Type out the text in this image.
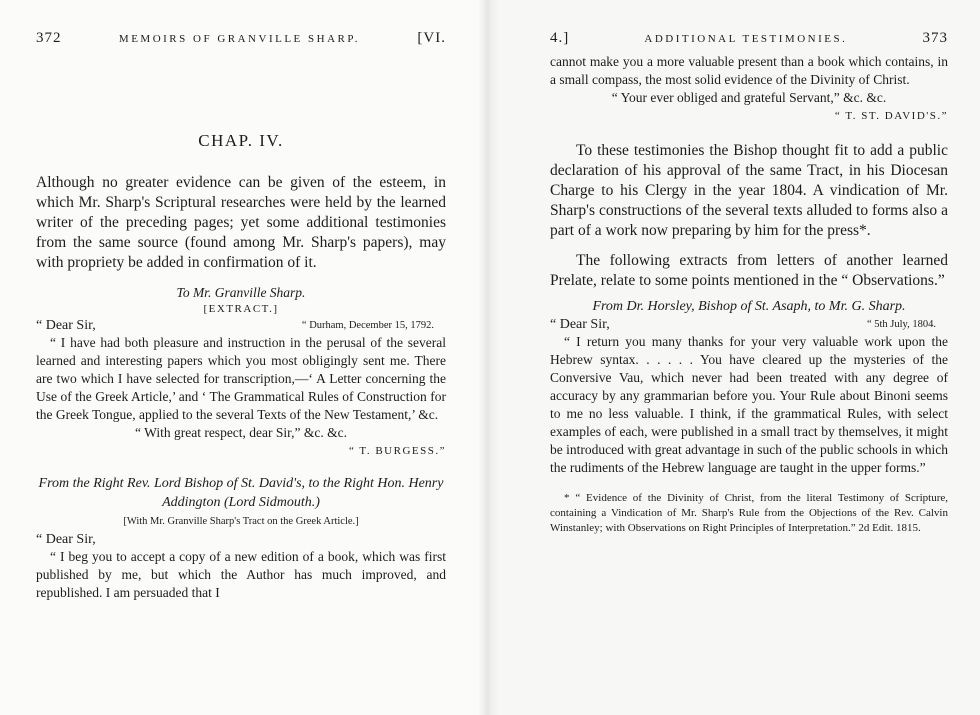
372	MEMOIRS OF GRANVILLE SHARP.	[VI.
CHAP. IV.

Although no greater evidence can be given of the esteem, in which Mr. Sharp's Scriptural researches were held by the learned writer of the preceding pages; yet some additional testimonies from the same source (found among Mr. Sharp's papers), may with propriety be added in confirmation of it.

To Mr. Granville Sharp.
[EXTRACT.]
“ Dear Sir,	“ Durham, December 15, 1792.

“ I have had both pleasure and instruction in the perusal of the several learned and interesting papers which you most obligingly sent me. There are two which I have selected for transcription,—‘ A Letter concerning the Use of the Greek Article,’ and ‘ The Grammatical Rules of Construction for the Greek Tongue, applied to the several Texts of the New Testament,’ &c.

“ With great respect, dear Sir,” &c. &c.
“ T. BURGESS.”
From the Right Rev. Lord Bishop of St. David's, to the Right Hon. Henry Addington (Lord Sidmouth.)
[With Mr. Granville Sharp's Tract on the Greek Article.]
“ Dear Sir,

“ I beg you to accept a copy of a new edition of a book, which was first published by me, but which the Author has much improved, and republished. I am persuaded that I

4.]	ADDITIONAL TESTIMONIES.	373

cannot make you a more valuable present than a book which contains, in a small compass, the most solid evidence of the Divinity of Christ.

“ Your ever obliged and grateful Servant,” &c. &c.
“ T. ST. DAVID'S.”

To these testimonies the Bishop thought fit to add a public declaration of his approval of the same Tract, in his Diocesan Charge to his Clergy in the year 1804. A vindication of Mr. Sharp's constructions of the several texts alluded to forms also a part of a work now preparing by him for the press*.

The following extracts from letters of another learned Prelate, relate to some points mentioned in the “ Observations.”

From Dr. Horsley, Bishop of St. Asaph, to Mr. G. Sharp.
“ Dear Sir,	“ 5th July, 1804.

“ I return you many thanks for your very valuable work upon the Hebrew syntax. . . . . . You have cleared up the mysteries of the Conversive Vau, which never had been treated with any degree of accuracy by any grammarian before you. Your Rule about Binoni seems to me no less valuable. I think, if the grammatical Rules, with select examples of each, were published in a small tract by themselves, it might be introduced with great advantage in such of the public schools in which the rudiments of the Hebrew language are taught in the upper forms.”

* “ Evidence of the Divinity of Christ, from the literal Testimony of Scripture, containing a Vindication of Mr. Sharp's Rule from the Objections of the Rev. Calvin Winstanley; with Observations on Right Principles of Interpretation.” 2d Edit. 1815.
